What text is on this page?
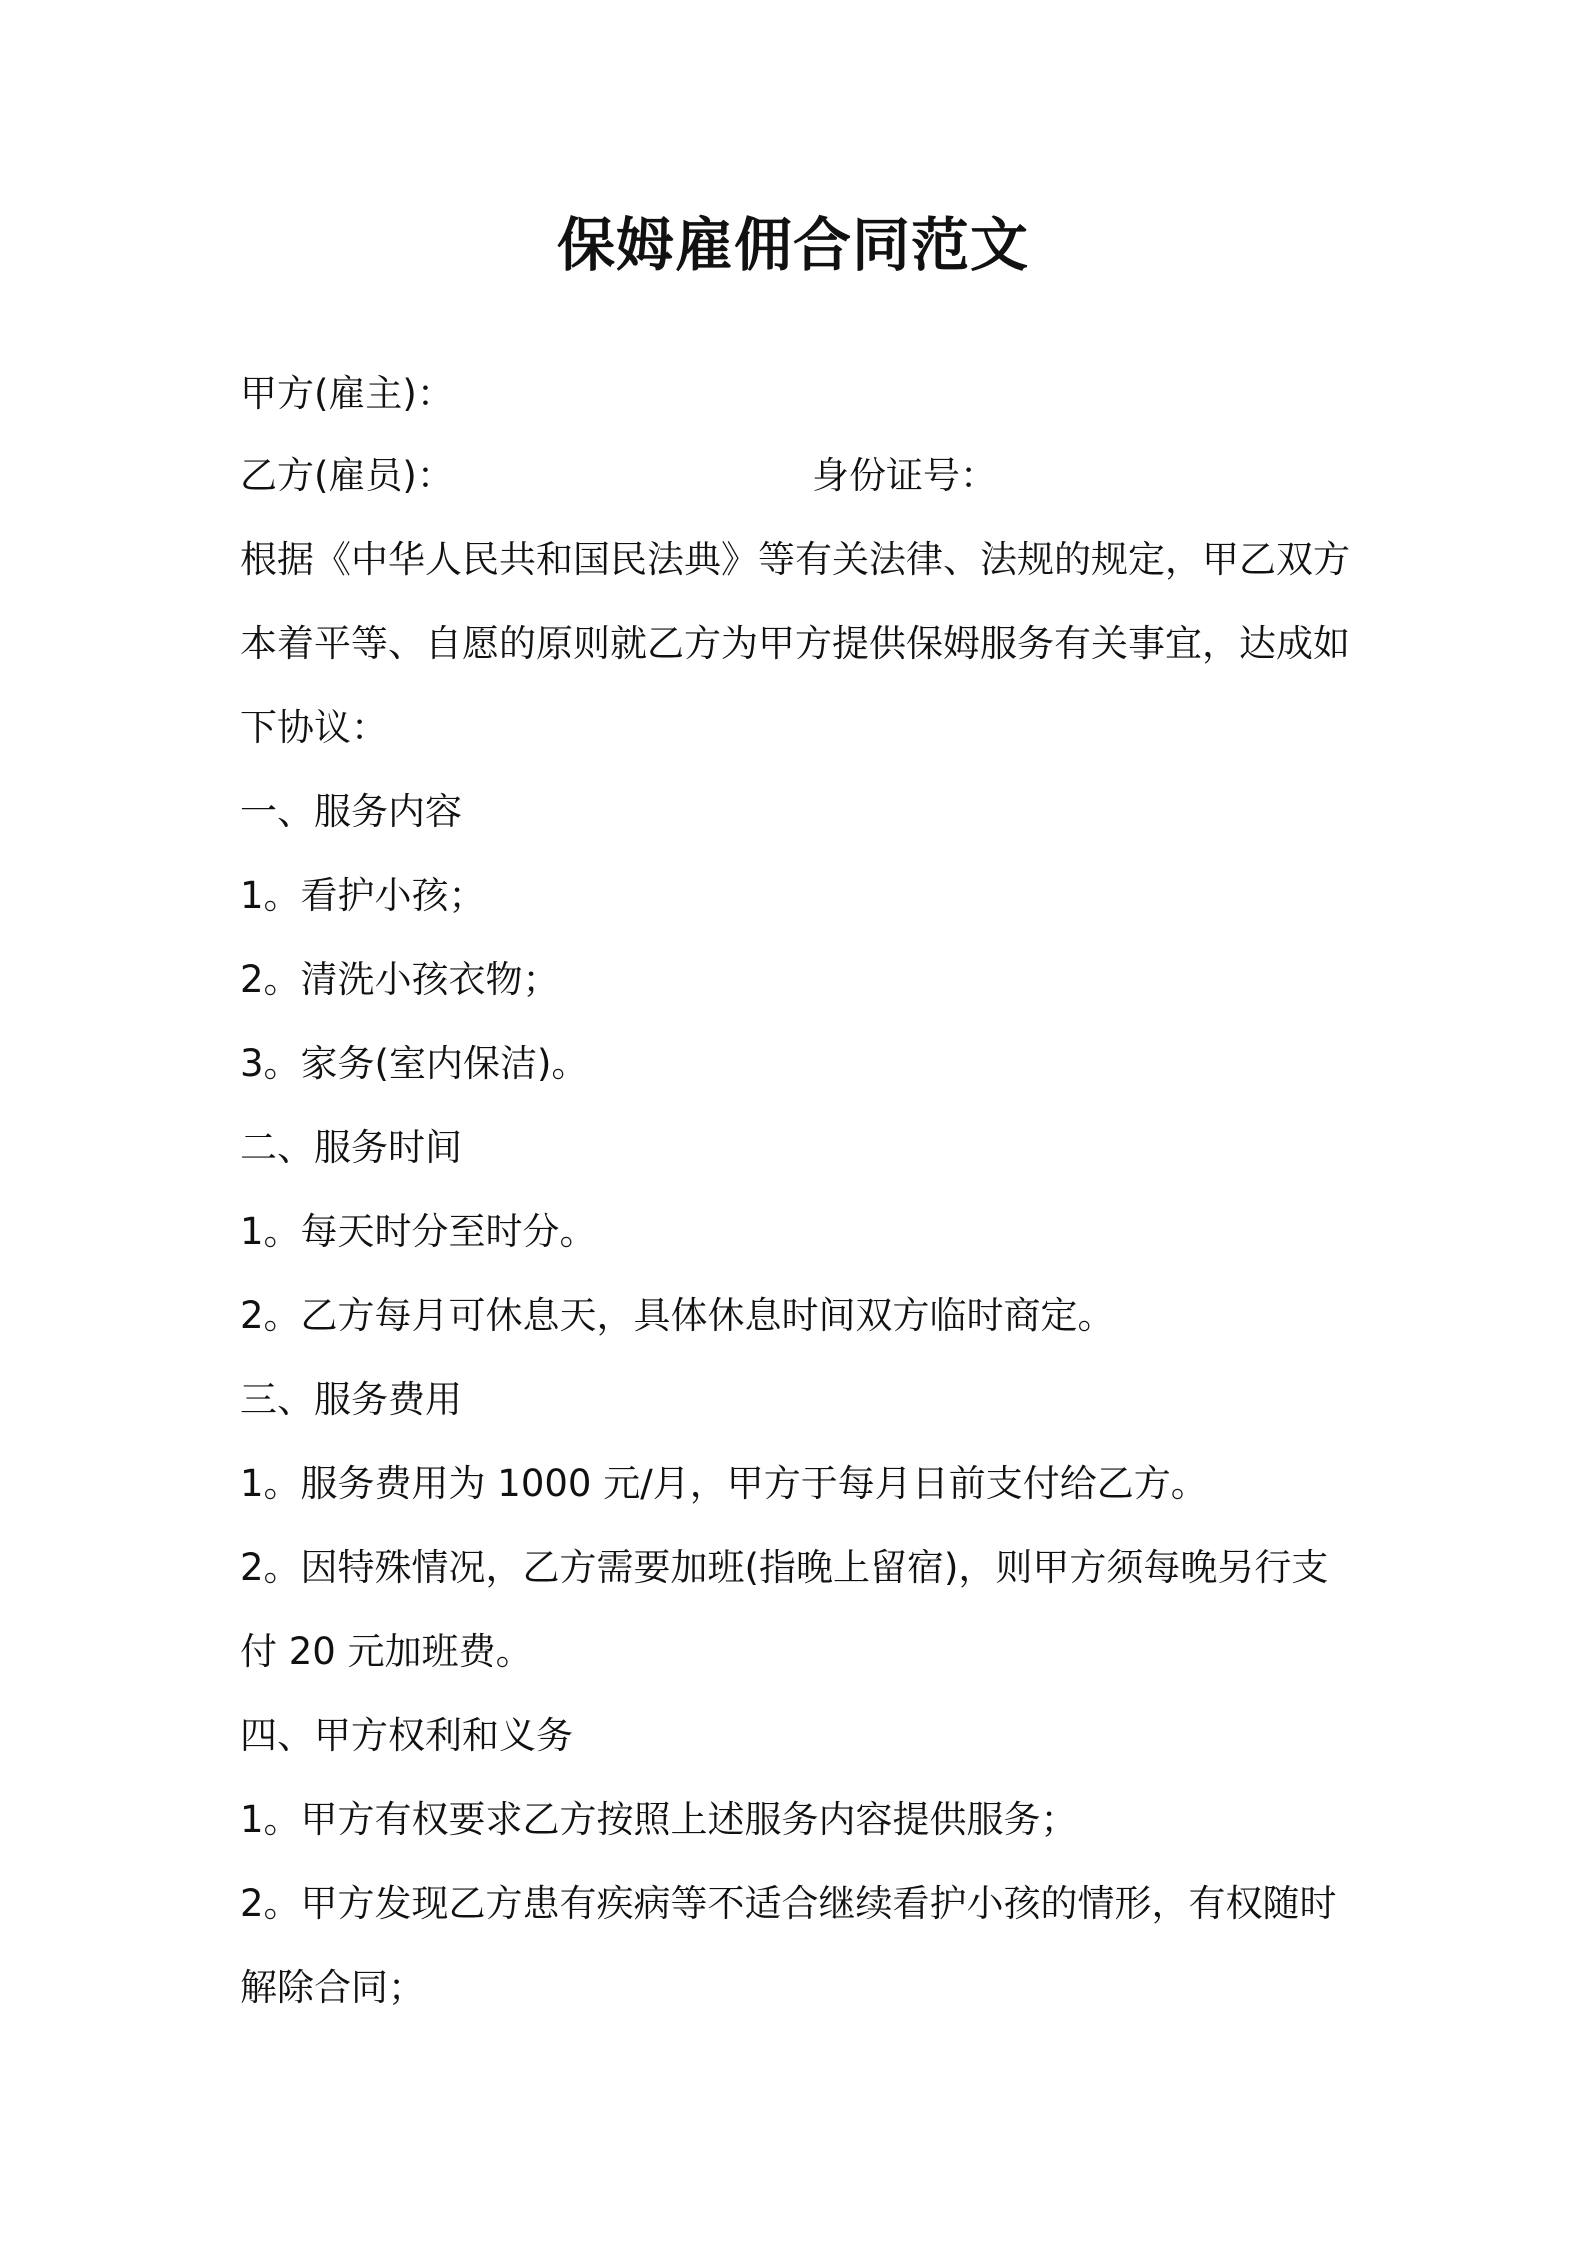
保姆雇佣合同范文
甲方(雇主)：
乙方(雇员)：	身份证号：
根据《中华人民共和国民法典》等有关法律、法规的规定，甲乙双方
本着平等、自愿的原则就乙方为甲方提供保姆服务有关事宜，达成如
下协议：
一、服务内容
1。看护小孩；
2。清洗小孩衣物；
3。家务(室内保洁)。
二、服务时间
1。每天时分至时分。
2。乙方每月可休息天，具体休息时间双方临时商定。
三、服务费用
1。服务费用为 1000 元/月，甲方于每月日前支付给乙方。
2。因特殊情况，乙方需要加班(指晚上留宿)，则甲方须每晚另行支
付 20 元加班费。
四、甲方权利和义务
1。甲方有权要求乙方按照上述服务内容提供服务；
2。甲方发现乙方患有疾病等不适合继续看护小孩的情形，有权随时
解除合同；
